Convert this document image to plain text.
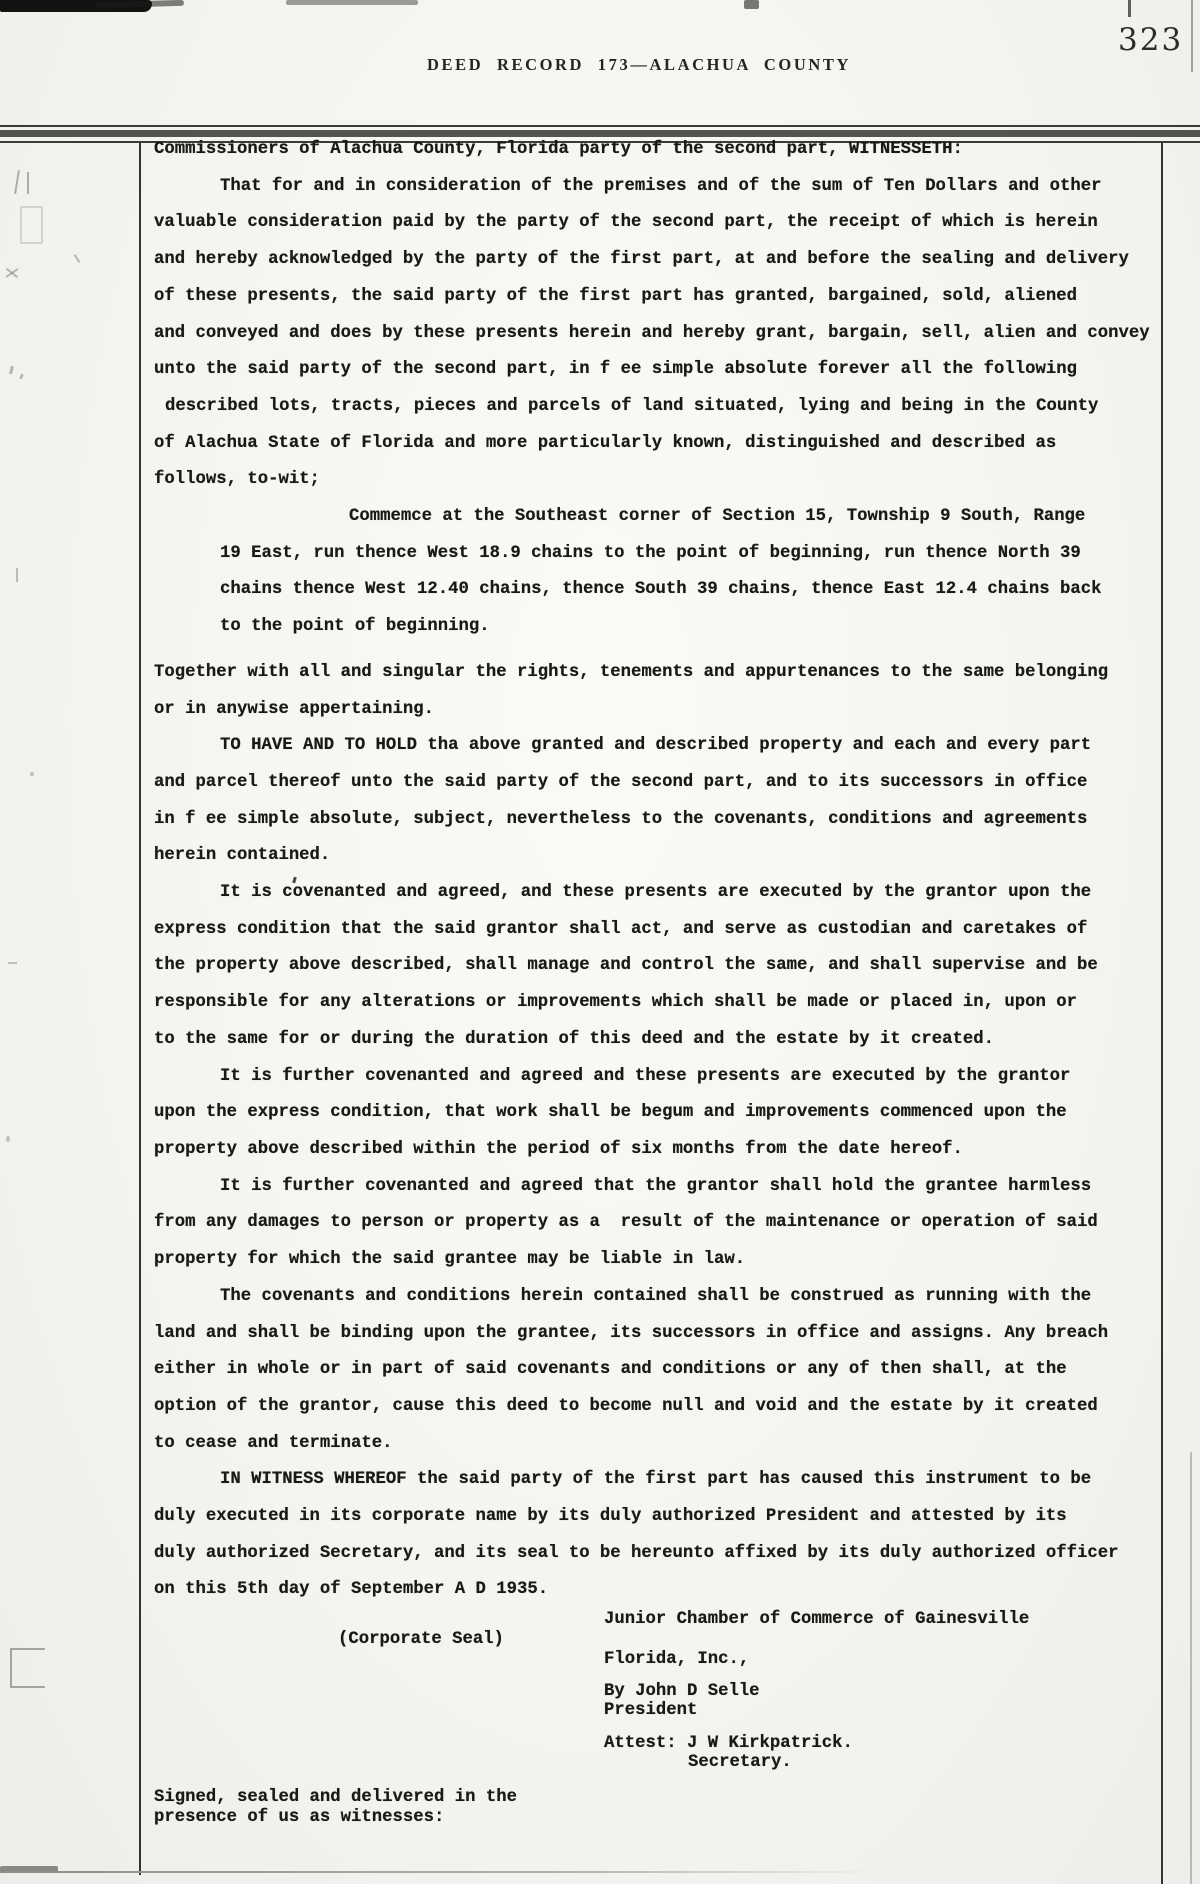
323
DEED RECORD 173—ALACHUA COUNTY
Commissioners of Alachua County, Florida party of the second part, WITNESSETH:
That for and in consideration of the premises and of the sum of Ten Dollars and other
valuable consideration paid by the party of the second part, the receipt of which is herein
and hereby acknowledged by the party of the first part, at and before the sealing and delivery
of these presents, the said party of the first part has granted, bargained, sold, aliened
and conveyed and does by these presents herein and hereby grant, bargain, sell, alien and convey
unto the said party of the second part, in f ee simple absolute forever all the following
described lots, tracts, pieces and parcels of land situated, lying and being in the County
of Alachua State of Florida and more particularly known, distinguished and described as
follows, to-wit;
Commemce at the Southeast corner of Section 15, Township 9 South, Range
19 East, run thence West 18.9 chains to the point of beginning, run thence North 39
chains thence West 12.40 chains, thence South 39 chains, thence East 12.4 chains back
to the point of beginning.
Together with all and singular the rights, tenements and appurtenances to the same belonging
or in anywise appertaining.
TO HAVE AND TO HOLD tha above granted and described property and each and every part
and parcel thereof unto the said party of the second part, and to its successors in office
in f ee simple absolute, subject, nevertheless to the covenants, conditions and agreements
herein contained.
It is covenanted and agreed, and these presents are executed by the grantor upon the
express condition that the said grantor shall act, and serve as custodian and caretakes of
the property above described, shall manage and control the same, and shall supervise and be
responsible for any alterations or improvements which shall be made or placed in, upon or
to the same for or during the duration of this deed and the estate by it created.
It is further covenanted and agreed and these presents are executed by the grantor
upon the express condition, that work shall be begum and improvements commenced upon the
property above described within the period of six months from the date hereof.
It is further covenanted and agreed that the grantor shall hold the grantee harmless
from any damages to person or property as a  result of the maintenance or operation of said
property for which the said grantee may be liable in law.
The covenants and conditions herein contained shall be construed as running with the
land and shall be binding upon the grantee, its successors in office and assigns. Any breach
either in whole or in part of said covenants and conditions or any of then shall, at the
option of the grantor, cause this deed to become null and void and the estate by it created
to cease and terminate.
IN WITNESS WHEREOF the said party of the first part has caused this instrument to be
duly executed in its corporate name by its duly authorized President and attested by its
duly authorized Secretary, and its seal to be hereunto affixed by its duly authorized officer
on this 5th day of September A D 1935.
(Corporate Seal)
Junior Chamber of Commerce of Gainesville
Florida, Inc.,
By John D Selle
President
Attest: J W Kirkpatrick.
Secretary.
Signed, sealed and delivered in the
presence of us as witnesses:
